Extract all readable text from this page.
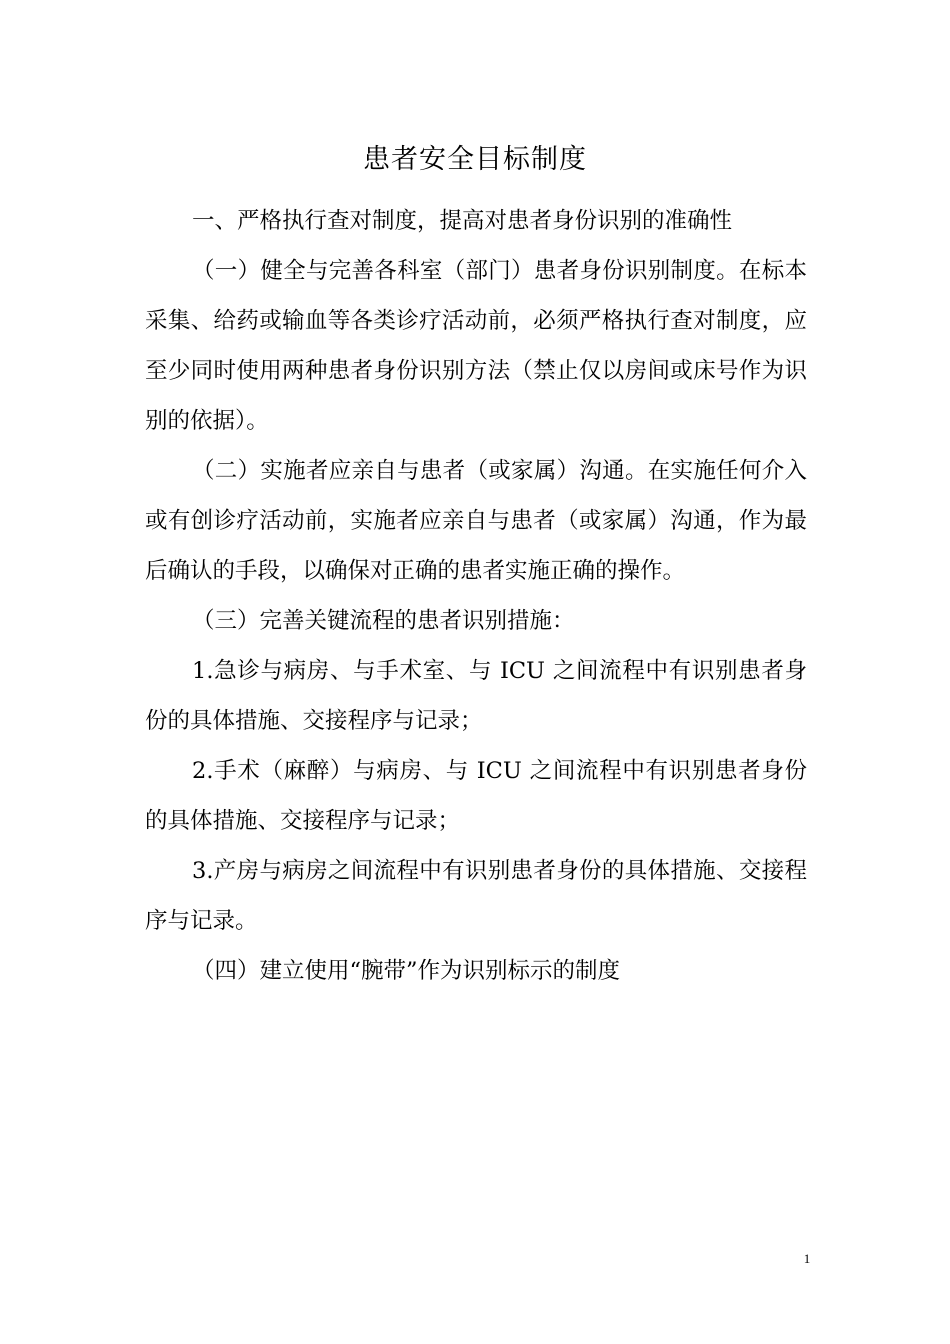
患者安全目标制度

一、严格执行查对制度，提高对患者身份识别的准确性

（一）健全与完善各科室（部门）患者身份识别制度。在标本采集、给药或输血等各类诊疗活动前，必须严格执行查对制度，应至少同时使用两种患者身份识别方法（禁止仅以房间或床号作为识别的依据）。

（二）实施者应亲自与患者（或家属）沟通。在实施任何介入或有创诊疗活动前，实施者应亲自与患者（或家属）沟通，作为最后确认的手段，以确保对正确的患者实施正确的操作。

（三）完善关键流程的患者识别措施：

1.急诊与病房、与手术室、与 ICU 之间流程中有识别患者身份的具体措施、交接程序与记录；

2.手术（麻醉）与病房、与 ICU 之间流程中有识别患者身份的具体措施、交接程序与记录；

3.产房与病房之间流程中有识别患者身份的具体措施、交接程序与记录。

（四）建立使用“腕带”作为识别标示的制度

1
